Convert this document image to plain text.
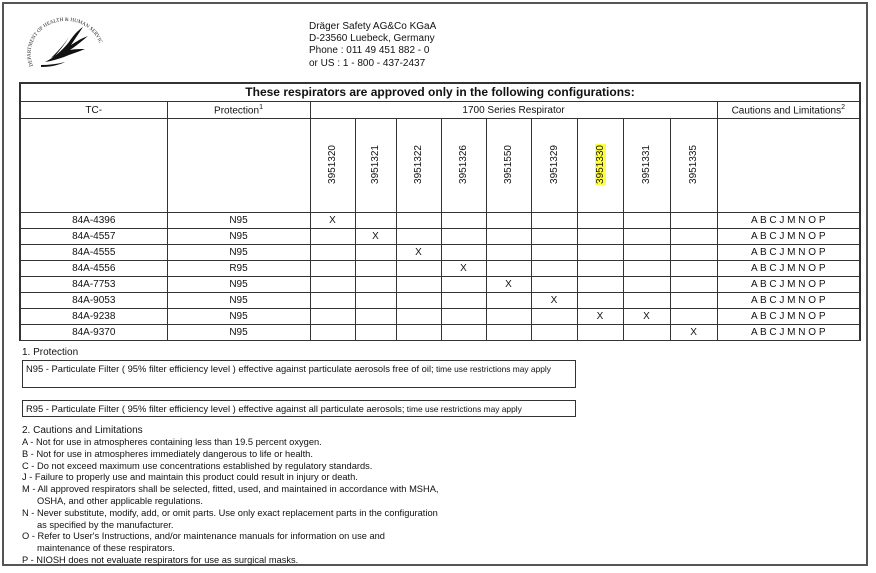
DEPARTMENT OF HEALTH & HUMAN SERVIC
Dräger Safety AG&Co KGaA
D-23560 Luebeck, Germany
Phone : 011 49 451 882 - 0
or US : 1 - 800 - 437-2437
These respirators are approved only in the following configurations:
TC-	Protection$^1$	1700 Series Respirator									Cautions and Limitations$^2$
		3951320	3951321	3951322	3951326	3951550	3951329	3951330	3951331	3951335	
84A-4396	N95	X									A B C J M N O P
84A-4557	N95		X								A B C J M N O P
84A-4555	N95			X							A B C J M N O P
84A-4556	R95				X						A B C J M N O P
84A-7753	N95					X					A B C J M N O P
84A-9053	N95						X				A B C J M N O P
84A-9238	N95							X	X		A B C J M N O P
84A-9370	N95									X	A B C J M N O P
1. Protection
N95 - Particulate Filter ( 95% filter efficiency level ) effective against particulate aerosols free of oil; time use restrictions may apply
R95 - Particulate Filter ( 95% filter efficiency level ) effective against all particulate aerosols; time use restrictions may apply
2. Cautions and Limitations
A - Not for use in atmospheres containing less than 19.5 percent oxygen.
B - Not for use in atmospheres immediately dangerous to life or health.
C - Do not exceed maximum use concentrations established by regulatory standards.
J - Failure to properly use and maintain this product could result in injury or death.
M - All approved respirators shall be selected, fitted, used, and maintained in accordance with MSHA,
OSHA, and other applicable regulations.
N - Never substitute, modify, add, or omit parts. Use only exact replacement parts in the configuration
as specified by the manufacturer.
O - Refer to User's Instructions, and/or maintenance manuals for information on use and
maintenance of these respirators.
P - NIOSH does not evaluate respirators for use as surgical masks.
